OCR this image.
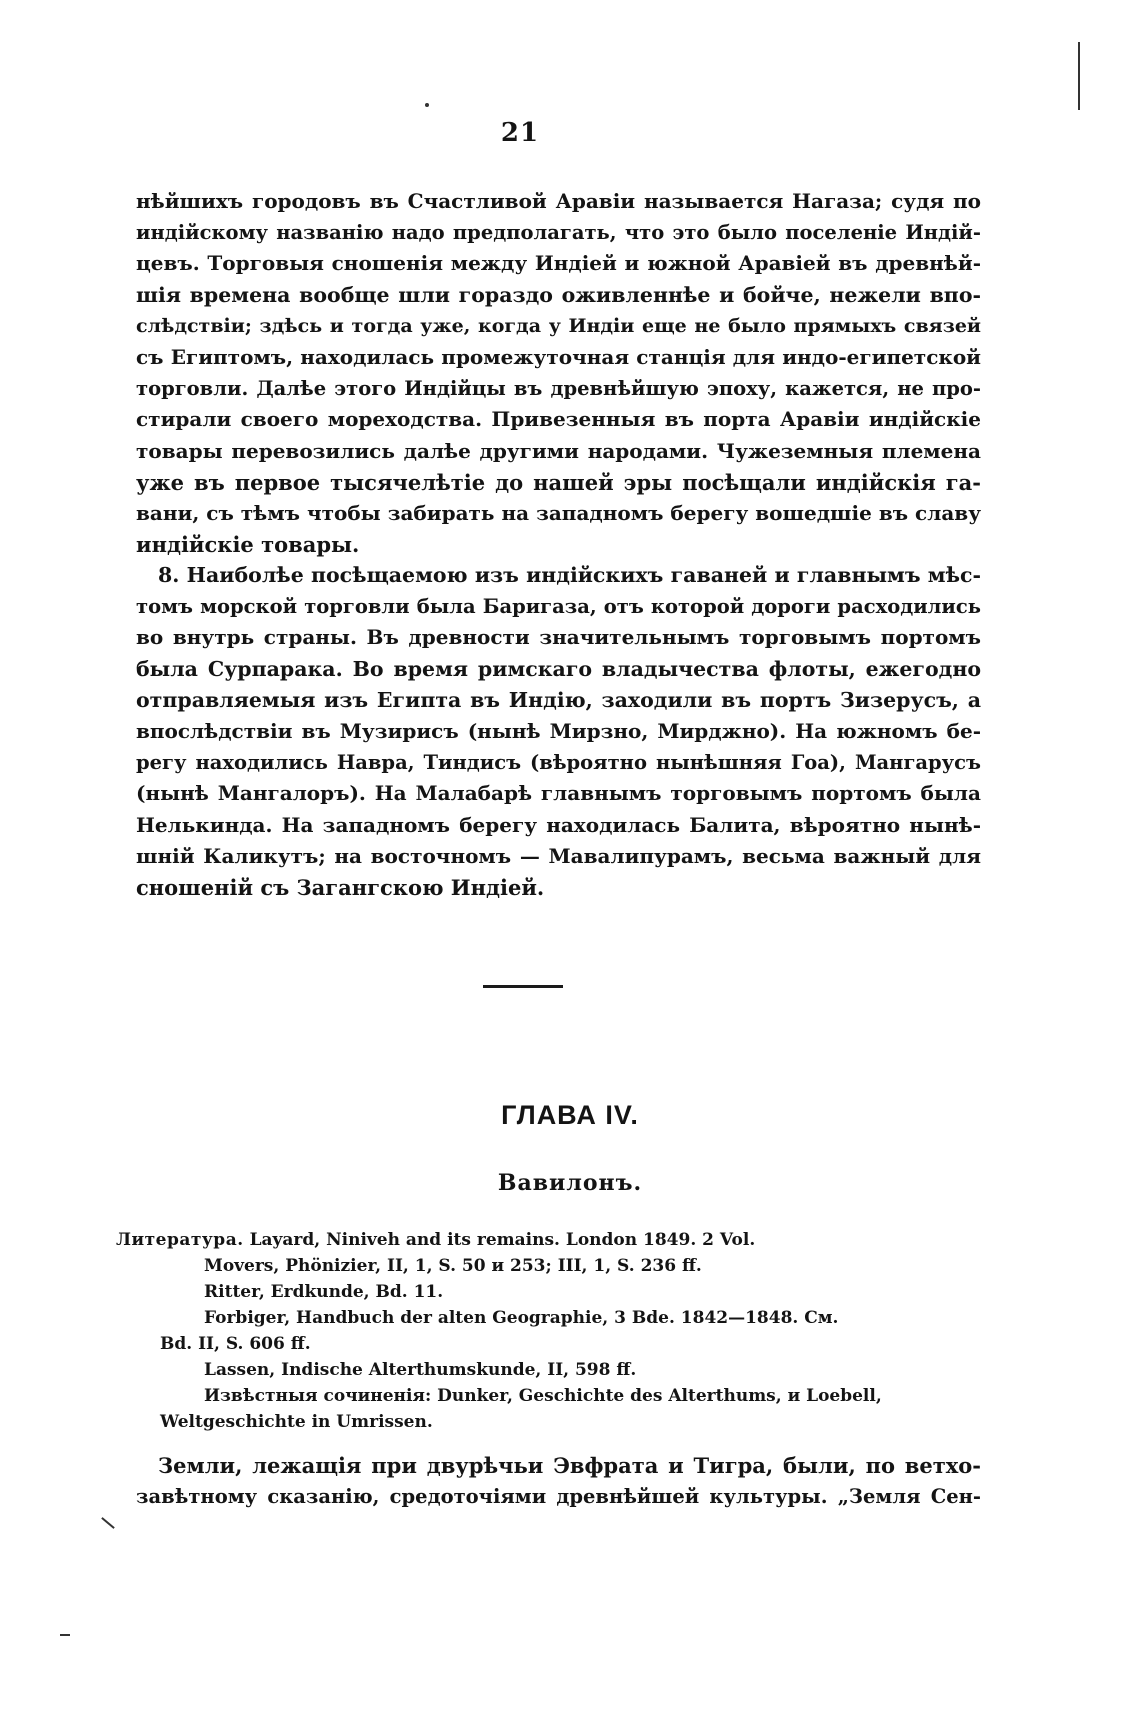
21
нѣйшихъ городовъ въ Счастливой Аравіи называется Нагаза; судя по
индійскому названію надо предполагать, что это было поселеніе Индій-
цевъ. Торговыя сношенія между Индіей и южной Аравіей въ древнѣй-
шія времена вообще шли гораздо оживленнѣе и бойче, нежели впо-
слѣдствіи; здѣсь и тогда уже, когда у Индіи еще не было прямыхъ связей
съ Египтомъ, находилась промежуточная станція для индо-египетской
торговли. Далѣе этого Индійцы въ древнѣйшую эпоху, кажется, не про-
стирали своего мореходства. Привезенныя въ порта Аравіи индійскіе
товары перевозились далѣе другими народами. Чужеземныя племена
уже въ первое тысячелѣтіе до нашей эры посѣщали индійскія га-
вани, съ тѣмъ чтобы забирать на западномъ берегу вошедшіе въ славу
индійскіе товары.
8. Наиболѣе посѣщаемою изъ индійскихъ гаваней и главнымъ мѣс-
томъ морской торговли была Баригаза, отъ которой дороги расходились
во внутрь страны. Въ древности значительнымъ торговымъ портомъ
была Сурпарака. Во время римскаго владычества флоты, ежегодно
отправляемыя изъ Египта въ Индію, заходили въ портъ Зизерусъ, а
впослѣдствіи въ Музирисъ (нынѣ Мирзно, Мирджно). На южномъ бе-
регу находились Навра, Тиндисъ (вѣроятно нынѣшняя Гоа), Мангарусъ
(нынѣ Мангалоръ). На Малабарѣ главнымъ торговымъ портомъ была
Нелькинда. На западномъ берегу находилась Балита, вѣроятно нынѣ-
шній Каликутъ; на восточномъ — Мавалипурамъ, весьма важный для
сношеній съ Загангскою Индіей.
ГЛАВА IV.
Вавилонъ.
Литература. Layard, Niniveh and its remains. London 1849. 2 Vol.
Movers, Phönizier, II, 1, S. 50 и 253; III, 1, S. 236 ff.
Ritter, Erdkunde, Bd. 11.
Forbiger, Handbuch der alten Geographie, 3 Bde. 1842—1848. См.
Bd. II, S. 606 ff.
Lassen, Indische Alterthumskunde, II, 598 ff.
Извѣстныя сочиненія: Dunker, Geschichte des Alterthums, и Loebell,
Weltgeschichte in Umrissen.
Земли, лежащія при двурѣчьи Эвфрата и Тигра, были, по ветхо-
завѣтному сказанію, средоточіями древнѣйшей культуры. „Земля Сен-
